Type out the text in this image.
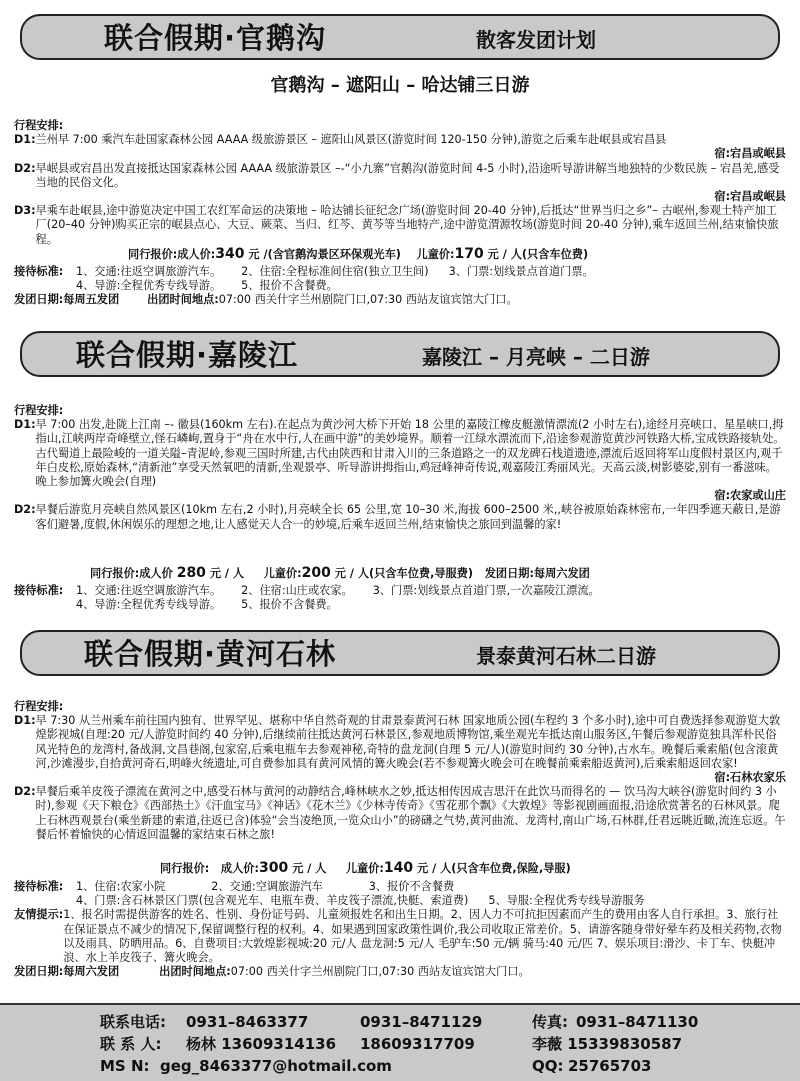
联合假期·官鹅沟	散客发团计划
官鹅沟 – 遮阳山 – 哈达铺三日游
行程安排:
D1: 兰州早 7:00 乘汽车赴国家森林公园 AAAA 级旅游景区 – 遮阳山风景区(游览时间 120-150 分钟),游览之后乘车赴岷县或宕昌县
宿:宕昌或岷县
D2: 早岷县或宕昌出发直接抵达国家森林公园 AAAA 级旅游景区 –-“小九寨”官鹅沟(游览时间 4-5 小时),沿途听导游讲解当地独特的少数民族 – 宕昌羌,感受当地的民俗文化。
宿:宕昌或岷县
D3: 早乘车赴岷县,途中游览决定中国工农红军命运的决策地 – 哈达铺长征纪念广场(游览时间 20-40 分钟),后抵达“世界当归之乡”– 古岷州,参观土特产加工厂(20–40 分钟)购买正宗的岷县点心、大豆、蕨菜、当归、红芩、黄芩等当地特产,途中游览渭源牧场(游览时间 20-40 分钟),乘车返回兰州,结束愉快旅程。
同行报价:成人价:340 元 /(含官鹅沟景区环保观光车) 儿童价:170 元 / 人(只含车位费)
接待标准:	1、交通:往返空调旅游汽车。 2、住宿:全程标准间住宿(独立卫生间) 3、门票:划线景点首道门票。
4、导游:全程优秀专线导游。 5、报价不含餐费。
发团日期:每周五发团	出团时间地点: 07:00 西关什字兰州剧院门口,07:30 西站友谊宾馆大门口。
联合假期·嘉陵江	嘉陵江 – 月亮峡 – 二日游
行程安排:
D1: 早 7:00 出发,赴陇上江南 –- 徽县(160km 左右).在起点为黄沙河大桥下开始 18 公里的嘉陵江橡皮艇激情漂流(2 小时左右),途经月亮峡口、星星峡口,拇指山,江峡两岸奇峰壁立,怪石嶙峋,置身于“舟在水中行,人在画中游”的美妙境界。顺着一江绿水漂流而下,沿途参观游览黄沙河铁路大桥,宝成铁路接轨处。古代蜀道上最险峻的一道关隘–青泥岭,参观三国时所建,古代由陕西和甘肃入川的三条道路之一的双龙碑石栈道遗迹,漂流后返回将军山度假村景区内,观千年白皮松,原始森林,“清新池”享受天然氧吧的清新,坐观景亭、听导游讲拇指山,鸡冠峰神奇传说,观嘉陵江秀丽风光。天高云淡,树影婆娑,别有一番滋味。晚上参加篝火晚会(自理)
宿:农家或山庄
D2: 早餐后游览月亮峡自然风景区(10km 左右,2 小时),月亮峡全长 65 公里,宽 10–30 米,海拔 600–2500 米,,峡谷被原始森林密布,一年四季遮天蔽日,是游客们避暑,度假,休闲娱乐的理想之地,让人感觉天人合一的妙境,后乘车返回兰州,结束愉快之旅回到温馨的家!
同行报价:成人价 280 元 / 人 儿童价:200 元 / 人(只含车位费,导服费) 发团日期:每周六发团
接待标准:	1、交通:往返空调旅游汽车。 2、住宿:山庄或农家。 3、门票:划线景点首道门票,一次嘉陵江漂流。
4、导游:全程优秀专线导游。 5、报价不含餐费。
联合假期·黄河石林	景泰黄河石林二日游
行程安排:
D1: 早 7:30 从兰州乘车前往国内独有、世界罕见、堪称中华自然奇观的甘肃景泰黄河石林 国家地质公园(车程约 3 个多小时),途中可自费选择参观游览大敦煌影视城(自理:20 元/人游览时间约 40 分钟),后继续前往抵达黄河石林景区,参观地质博物馆,乘坐观光车抵达南山服务区,午餐后参观游览独具浑朴民俗风光特色的龙湾村,备战洞,文昌巷阁,包家窑,后乘电瓶车去参观神秘,奇特的盘龙洞(自理 5 元/人)(游览时间约 30 分钟),古水车。晚餐后乘索船(包含滚黄河,沙滩漫步,自拾黄河奇石,明峰火统遗址,可自费参加具有黄河风情的篝火晚会(若不参观篝火晚会可在晚餐前乘索船返黄河),后乘索船返回农家!
宿:石林农家乐
D2: 早餐后乘羊皮筏子漂流在黄河之中,感受石林与黄河的动静结合,峰林峡水之妙,抵达相传因成吉思汗在此饮马而得名的 — 饮马沟大峡谷(游览时间约 3 小时),参观《天下粮仓》《西部热土》《汗血宝马》《神话》《花木兰》《少林寺传奇》《雪花那个飘》《大敦煌》等影视剧画面报,沿途欣赏著名的石林风景。爬上石林西观景台(乘坐新建的索道,往返已含)体验“会当凌绝顶,一览众山小”的磅礴之气势,黄河曲流、龙湾村,南山广场,石林群,任君远眺近瞰,流连忘返。午餐后怀着愉快的心情返回温馨的家结束石林之旅!
同行报价: 成人价:300 元 / 人 儿童价:140 元 / 人(只含车位费,保险,导服)
接待标准:	1、住宿:农家小院	2、交通:空调旅游汽车	3、报价不含餐费
4、门票:含石林景区门票(包含观光车、电瓶车费、羊皮筏子漂流,快艇、索道费) 5、导服:全程优秀专线导游服务
友情提示: 1、报名时需提供游客的姓名、性别、身份证号码、儿童须报姓名和出生日期。2、因人力不可抗拒因素而产生的费用由客人自行承担。3、旅行社在保证景点不减少的情况下,保留调整行程的权利。4、如果遇到国家政策性调价,我公司收取正常差价。5、请游客随身带好晕车药及相关药物,衣物以及雨具、防晒用品。6、自费项目:大敦煌影视城:20 元/人 盘龙洞:5 元/人 毛驴车:50 元/辆 骑马:40 元/匹 7、娱乐项目:滑沙、卡丁车、快艇冲浪、水上羊皮筏子、篝火晚会。
发团日期:每周六发团	出团时间地点: 07:00 西关什字兰州剧院门口,07:30 西站友谊宾馆大门口。
联系电话: 0931–8463377	0931–8471129	传真: 0931–8471130
联 系 人: 杨林 13609314136 18609317709	李薇 15339830587
MS N: geg_8463377@hotmail.com	QQ: 25765703
